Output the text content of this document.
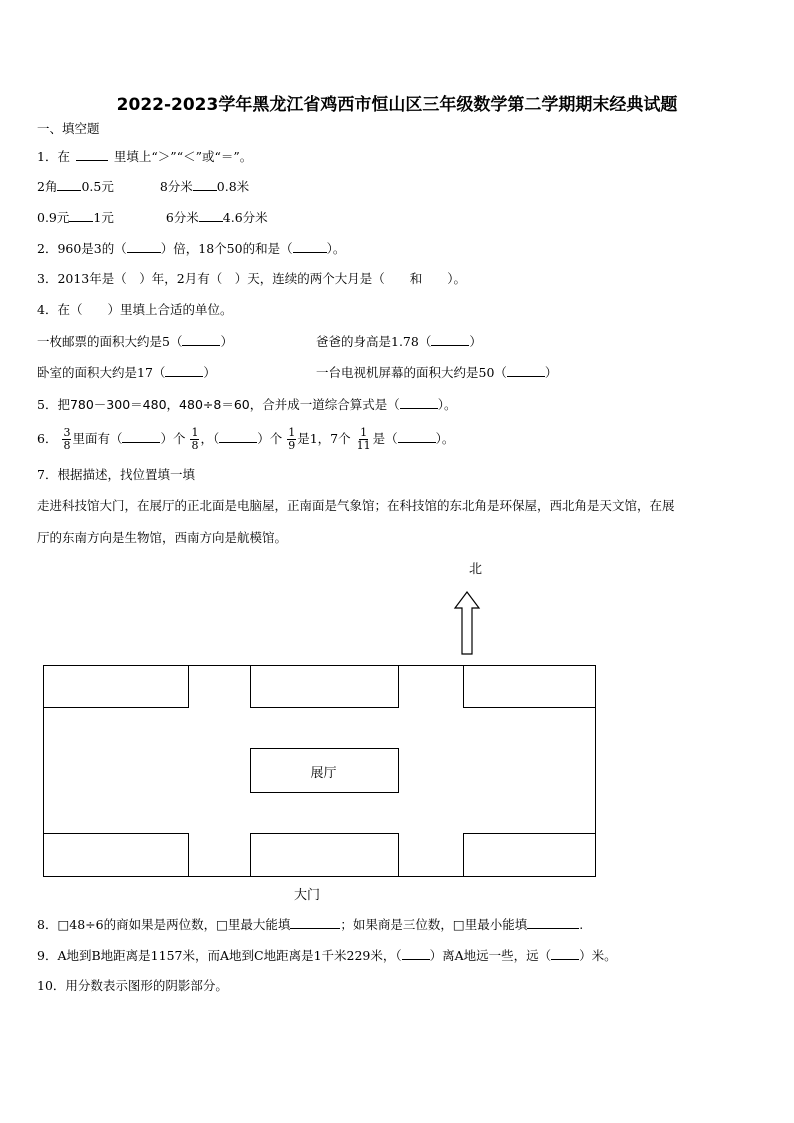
2022-2023学年黑龙江省鸡西市恒山区三年级数学第二学期期末经典试题
一、填空题
1．在	里填上“＞”“＜”或“＝”。
2角 0.5元	8分米 0.8米
0.9元 1元	6分米 4.6分米
2．960是3的（	）倍，18个50的和是（	）。
3．2013年是（　）年，2月有（　）天，连续的两个大月是（　　和　　）。
4．在（　　）里填上合适的单位。
一枚邮票的面积大约是5（	）	爸爸的身高是1.78（	）
卧室的面积大约是17（	）	一台电视机屏幕的面积大约是50（	）
5．把780－300＝480，480÷8＝60，合并成一道综合算式是（	）。
6． $\frac{3}{8}$ 里面有（	）个 $\frac{1}{8}$ ，（	）个 $\frac{1}{9}$ 是1，7个 $\frac{1}{11}$ 是（	）。
7．根据描述，找位置填一填
走进科技馆大门，在展厅的正北面是电脑屋，正南面是气象馆；在科技馆的东北角是环保屋，西北角是天文馆，在展
厅的东南方向是生物馆，西南方向是航模馆。
北
展厅
大门
8．□48÷6的商如果是两位数，□里最大能填	；如果商是三位数，□里最小能填	.
9．A地到B地距离是1157米，而A地到C地距离是1千米229米，（ ）离A地远一些，远（ ）米。
10．用分数表示图形的阴影部分。
